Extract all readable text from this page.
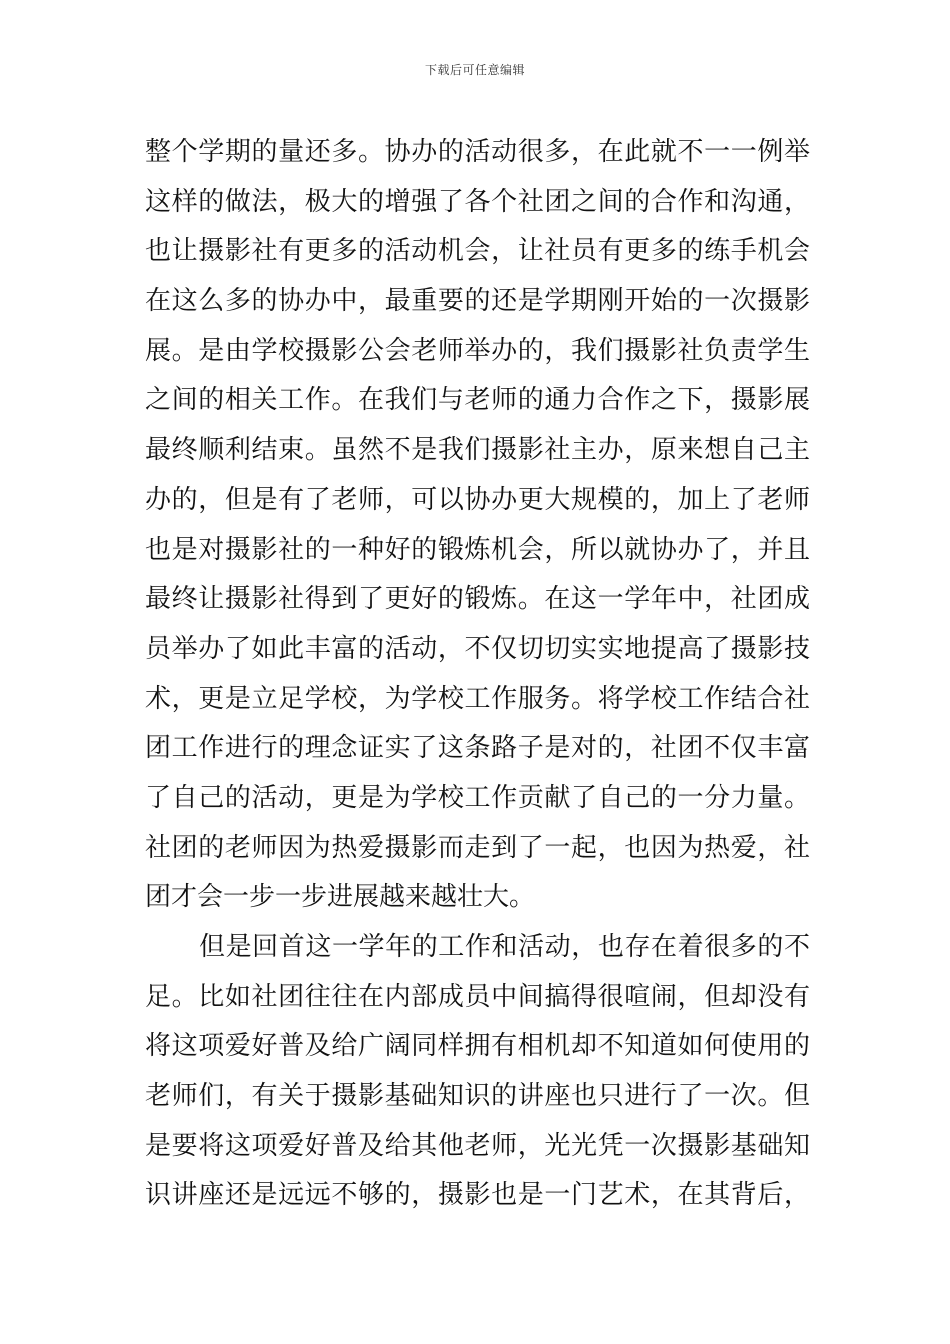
下载后可任意编辑
整个学期的量还多。协办的活动很多，在此就不一一例举
这样的做法，极大的增强了各个社团之间的合作和沟通，
也让摄影社有更多的活动机会，让社员有更多的练手机会
在这么多的协办中，最重要的还是学期刚开始的一次摄影
展。是由学校摄影公会老师举办的，我们摄影社负责学生
之间的相关工作。在我们与老师的通力合作之下，摄影展
最终顺利结束。虽然不是我们摄影社主办，原来想自己主
办的，但是有了老师，可以协办更大规模的，加上了老师
也是对摄影社的一种好的锻炼机会，所以就协办了，并且
最终让摄影社得到了更好的锻炼。在这一学年中，社团成
员举办了如此丰富的活动，不仅切切实实地提高了摄影技
术，更是立足学校，为学校工作服务。将学校工作结合社
团工作进行的理念证实了这条路子是对的，社团不仅丰富
了自己的活动，更是为学校工作贡献了自己的一分力量。
社团的老师因为热爱摄影而走到了一起，也因为热爱，社
团才会一步一步进展越来越壮大。
但是回首这一学年的工作和活动，也存在着很多的不
足。比如社团往往在内部成员中间搞得很喧闹，但却没有
将这项爱好普及给广阔同样拥有相机却不知道如何使用的
老师们，有关于摄影基础知识的讲座也只进行了一次。但
是要将这项爱好普及给其他老师，光光凭一次摄影基础知
识讲座还是远远不够的，摄影也是一门艺术，在其背后，
